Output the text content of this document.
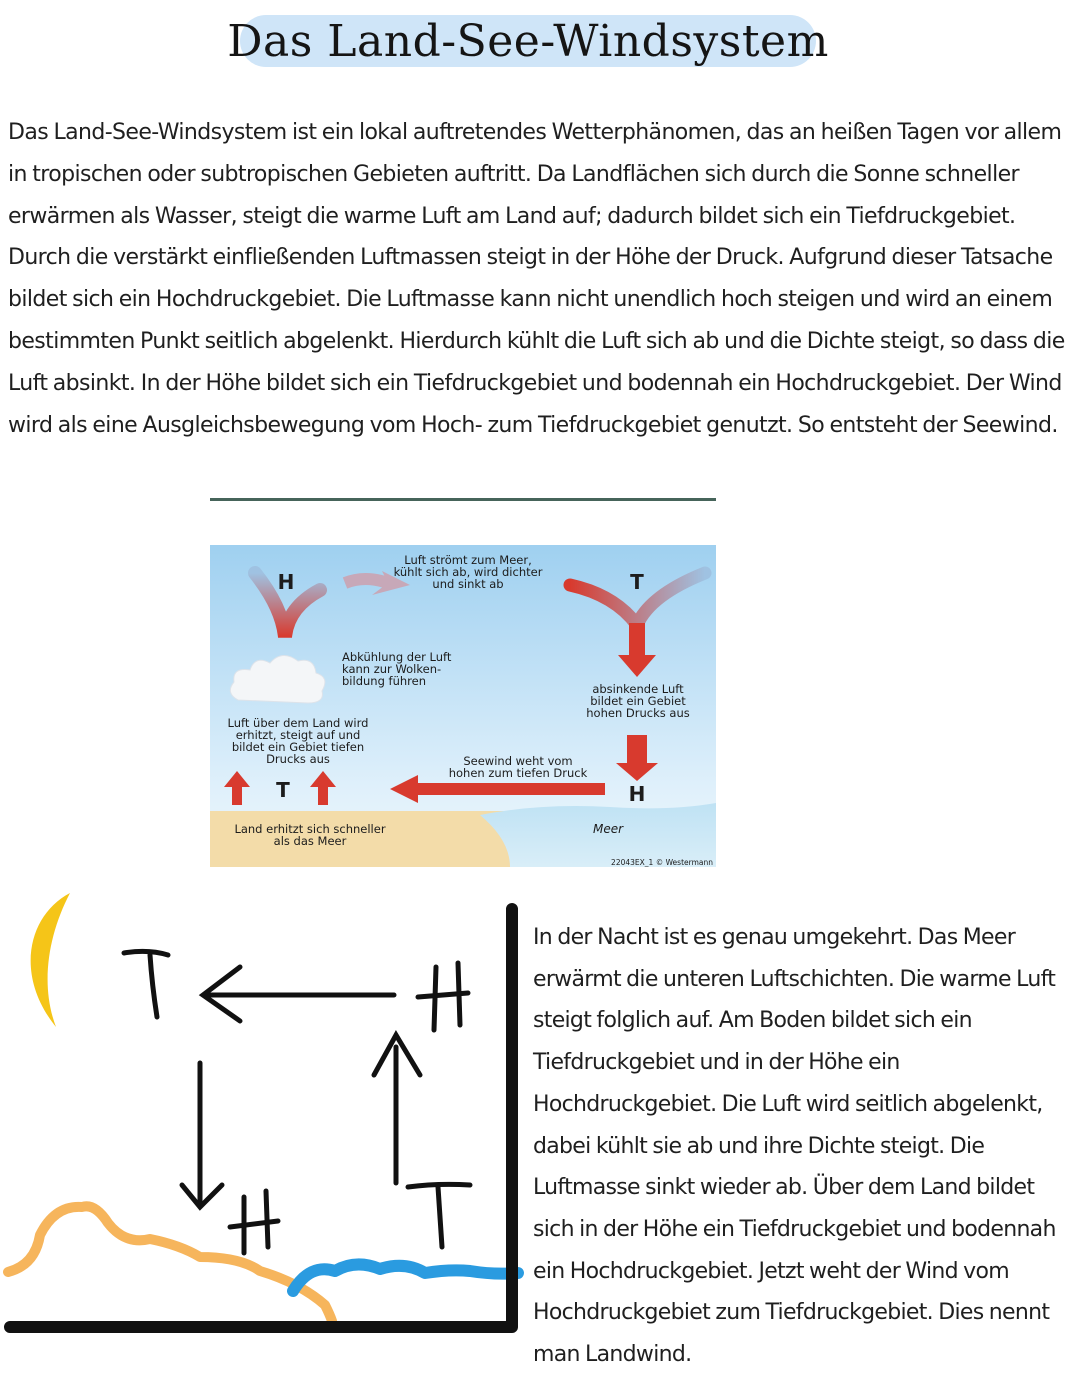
Das Land-See-Windsystem

Das Land-See-Windsystem ist ein lokal auftretendes Wetterphänomen, das an heißen Tagen vor allem in tropischen oder subtropischen Gebieten auftritt. Da Landflächen sich durch die Sonne schneller erwärmen als Wasser, steigt die warme Luft am Land auf; dadurch bildet sich ein Tiefdruckgebiet. Durch die verstärkt einfließenden Luftmassen steigt in der Höhe der Druck. Aufgrund dieser Tatsache bildet sich ein Hochdruckgebiet. Die Luftmasse kann nicht unendlich hoch steigen und wird an einem bestimmten Punkt seitlich abgelenkt. Hierdurch kühlt die Luft sich ab und die Dichte steigt, so dass die Luft absinkt. In der Höhe bildet sich ein Tiefdruckgebiet und bodennah ein Hochdruckgebiet. Der Wind wird als eine Ausgleichsbewegung vom Hoch- zum Tiefdruckgebiet genutzt. So entsteht der Seewind.

H	T
T	H
Luft strömt zum Meer,
kühlt sich ab, wird dichter
und sinkt ab
Abkühlung der Luft
kann zur Wolken-
bildung führen
absinkende Luft
bildet ein Gebiet
hohen Drucks aus
Luft über dem Land wird
erhitzt, steigt auf und
bildet ein Gebiet tiefen
Drucks aus	Seewind weht vom
hohen zum tiefen Druck
Land erhitzt sich schneller
als das Meer
Meer
22043EX_1 © Westermann

In der Nacht ist es genau umgekehrt. Das Meer erwärmt die unteren Luftschichten. Die warme Luft steigt folglich auf. Am Boden bildet sich ein Tiefdruckgebiet und in der Höhe ein Hochdruckgebiet. Die Luft wird seitlich abgelenkt, dabei kühlt sie ab und ihre Dichte steigt. Die Luftmasse sinkt wieder ab. Über dem Land bildet sich in der Höhe ein Tiefdruckgebiet und bodennah ein Hochdruckgebiet. Jetzt weht der Wind vom Hochdruckgebiet zum Tiefdruckgebiet. Dies nennt man Landwind.
